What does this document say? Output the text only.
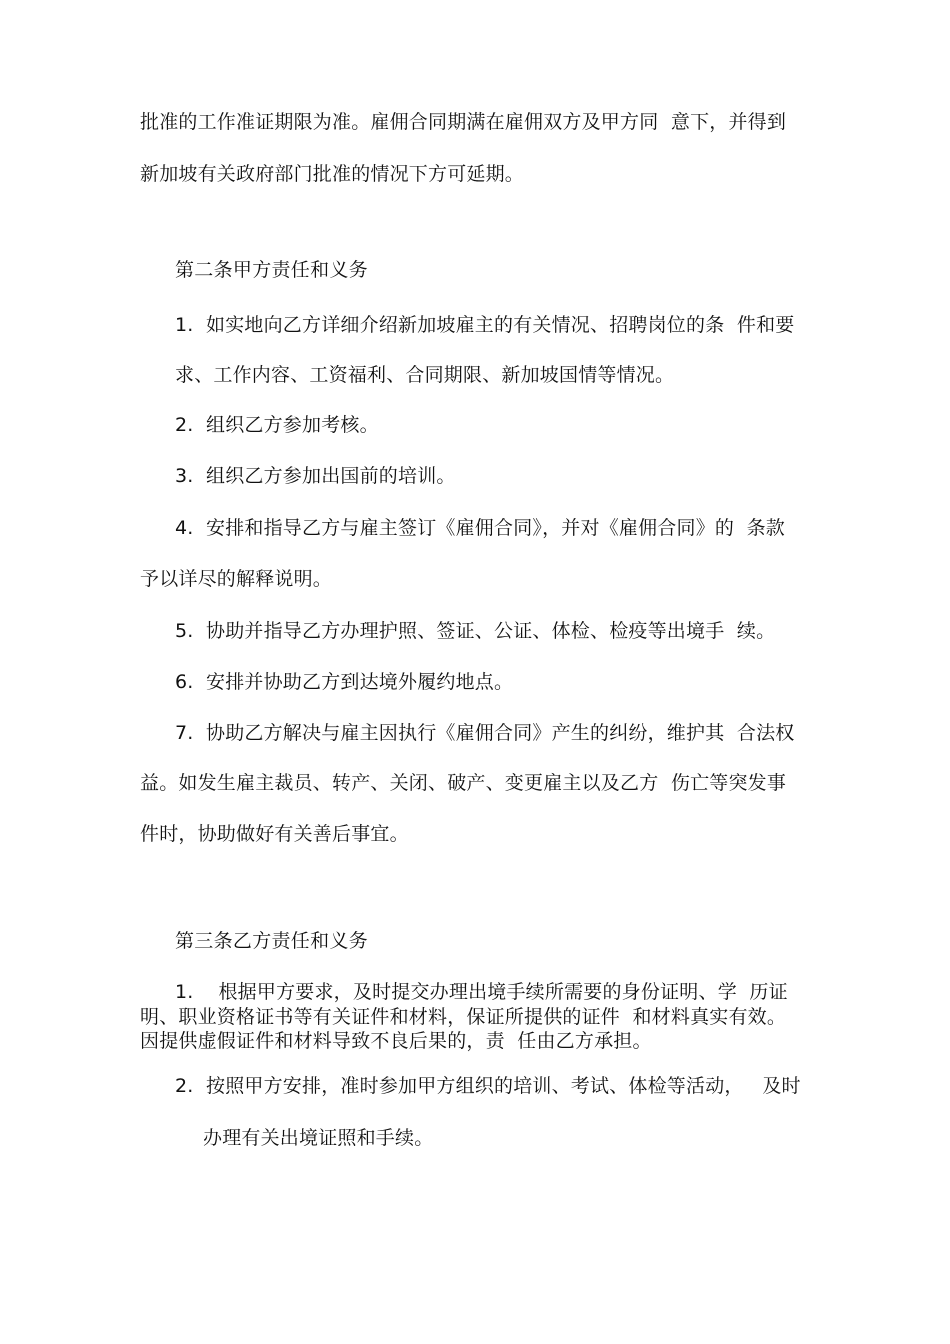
批准的工作准证期限为准。雇佣合同期满在雇佣双方及甲方同  意下，并得到
新加坡有关政府部门批准的情况下方可延期。
第二条甲方责任和义务
1.  如实地向乙方详细介绍新加坡雇主的有关情况、招聘岗位的条  件和要
求、工作内容、工资福利、合同期限、新加坡国情等情况。
2.  组织乙方参加考核。
3.  组织乙方参加出国前的培训。
4.  安排和指导乙方与雇主签订《雇佣合同》，并对《雇佣合同》的  条款
予以详尽的解释说明。
5.  协助并指导乙方办理护照、签证、公证、体检、检疫等出境手  续。
6.  安排并协助乙方到达境外履约地点。
7.  协助乙方解决与雇主因执行《雇佣合同》产生的纠纷，维护其  合法权
益。如发生雇主裁员、转产、关闭、破产、变更雇主以及乙方  伤亡等突发事
件时，协助做好有关善后事宜。
第三条乙方责任和义务
1.    根据甲方要求，及时提交办理出境手续所需要的身份证明、学  历证
明、职业资格证书等有关证件和材料，保证所提供的证件  和材料真实有效。
因提供虚假证件和材料导致不良后果的，责  任由乙方承担。
2.  按照甲方安排，准时参加甲方组织的培训、考试、体检等活动，   及时
办理有关出境证照和手续。
